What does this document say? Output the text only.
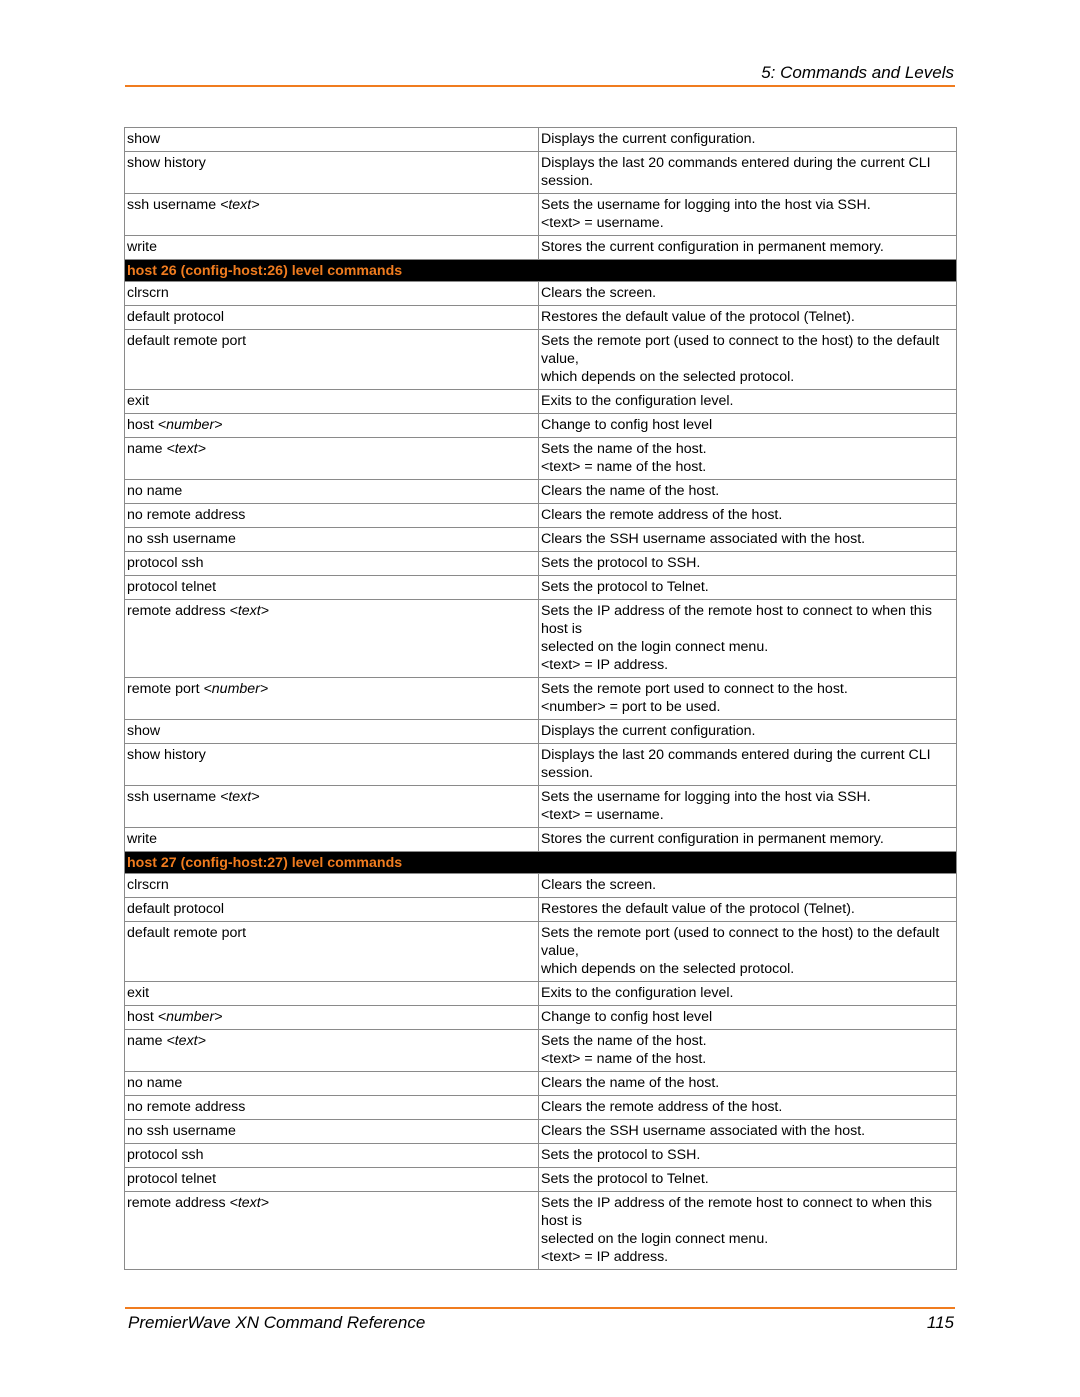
5: Commands and Levels
show	Displays the current configuration.
show history	Displays the last 20 commands entered during the current CLI session.
ssh username <text>	Sets the username for logging into the host via SSH.
<text> = username.
write	Stores the current configuration in permanent memory.
host 26 (config-host:26) level commands	
clrscrn	Clears the screen.
default protocol	Restores the default value of the protocol (Telnet).
default remote port	Sets the remote port (used to connect to the host) to the default value,
which depends on the selected protocol.
exit	Exits to the configuration level.
host <number>	Change to config host level
name <text>	Sets the name of the host.
<text> = name of the host.
no name	Clears the name of the host.
no remote address	Clears the remote address of the host.
no ssh username	Clears the SSH username associated with the host.
protocol ssh	Sets the protocol to SSH.
protocol telnet	Sets the protocol to Telnet.
remote address <text>	Sets the IP address of the remote host to connect to when this host is
selected on the login connect menu.
<text> = IP address.
remote port <number>	Sets the remote port used to connect to the host.
<number> = port to be used.
show	Displays the current configuration.
show history	Displays the last 20 commands entered during the current CLI session.
ssh username <text>	Sets the username for logging into the host via SSH.
<text> = username.
write	Stores the current configuration in permanent memory.
host 27 (config-host:27) level commands	
clrscrn	Clears the screen.
default protocol	Restores the default value of the protocol (Telnet).
default remote port	Sets the remote port (used to connect to the host) to the default value,
which depends on the selected protocol.
exit	Exits to the configuration level.
host <number>	Change to config host level
name <text>	Sets the name of the host.
<text> = name of the host.
no name	Clears the name of the host.
no remote address	Clears the remote address of the host.
no ssh username	Clears the SSH username associated with the host.
protocol ssh	Sets the protocol to SSH.
protocol telnet	Sets the protocol to Telnet.
remote address <text>	Sets the IP address of the remote host to connect to when this host is
selected on the login connect menu.
<text> = IP address.
PremierWave XN Command Reference	115
